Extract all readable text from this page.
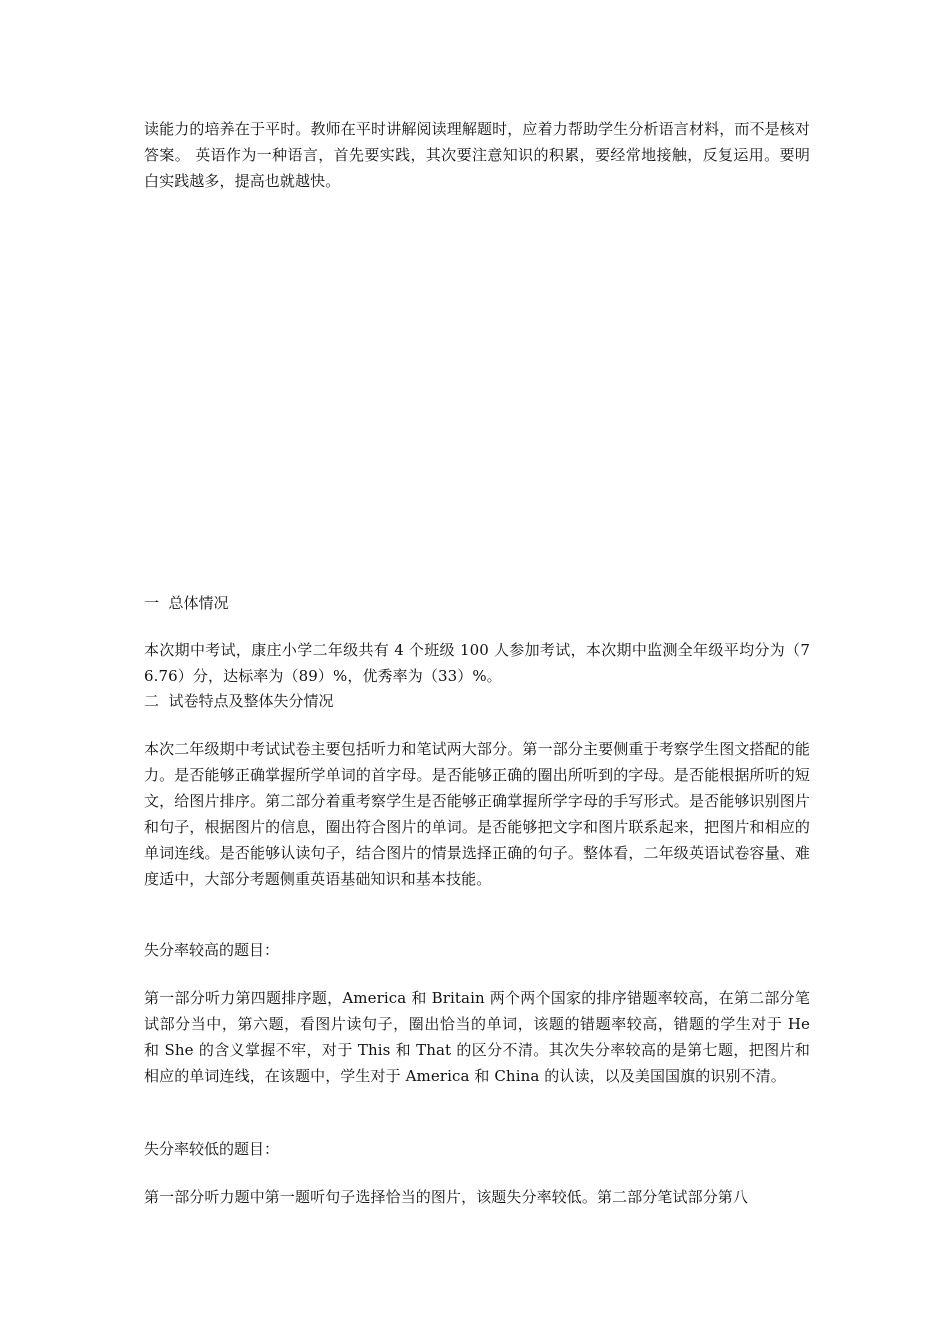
读能力的培养在于平时。教师在平时讲解阅读理解题时，应着力帮助学生分析语言材料，而不是核对答案。 英语作为一种语言，首先要实践，其次要注意知识的积累，要经常地接触，反复运用。要明白实践越多，提高也就越快。

一  总体情况

本次期中考试，康庄小学二年级共有 4 个班级 100 人参加考试，本次期中监测全年级平均分为（76.76）分，达标率为（89）%，优秀率为（33）%。

二  试卷特点及整体失分情况

本次二年级期中考试试卷主要包括听力和笔试两大部分。第一部分主要侧重于考察学生图文搭配的能力。是否能够正确掌握所学单词的首字母。是否能够正确的圈出所听到的字母。是否能根据所听的短文，给图片排序。第二部分着重考察学生是否能够正确掌握所学字母的手写形式。是否能够识别图片和句子，根据图片的信息，圈出符合图片的单词。是否能够把文字和图片联系起来，把图片和相应的单词连线。是否能够认读句子，结合图片的情景选择正确的句子。整体看，二年级英语试卷容量、难度适中，大部分考题侧重英语基础知识和基本技能。

失分率较高的题目：

第一部分听力第四题排序题，America 和 Britain 两个两个国家的排序错题率较高，在第二部分笔试部分当中，第六题，看图片读句子，圈出恰当的单词，该题的错题率较高，错题的学生对于 He 和 She 的含义掌握不牢，对于 This 和 That 的区分不清。其次失分率较高的是第七题，把图片和相应的单词连线，在该题中，学生对于 America 和 China 的认读，以及美国国旗的识别不清。

失分率较低的题目：

第一部分听力题中第一题听句子选择恰当的图片，该题失分率较低。第二部分笔试部分第八
